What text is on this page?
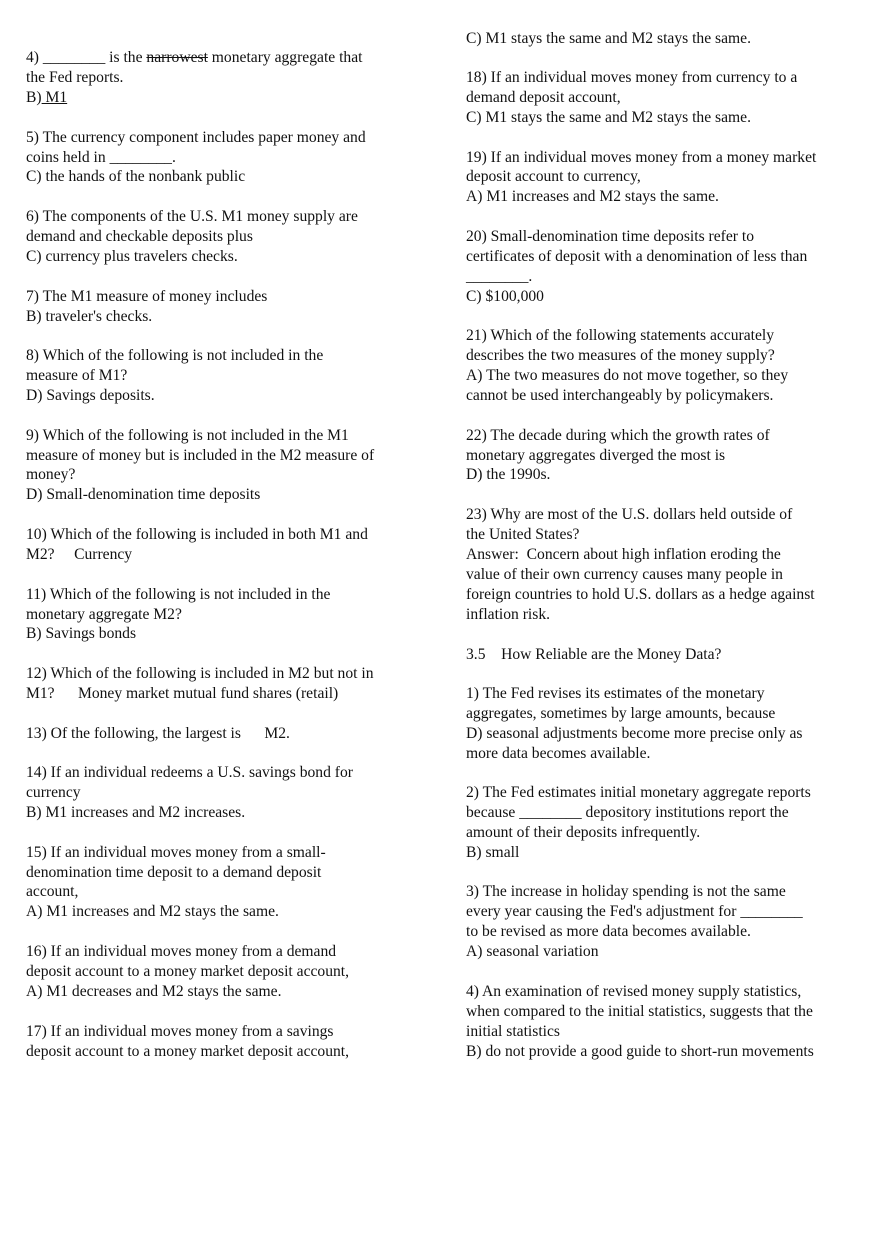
4) ________ is the narrowest monetary aggregate that
the Fed reports.
B) M1
5) The currency component includes paper money and
coins held in ________.
C) the hands of the nonbank public
6) The components of the U.S. M1 money supply are
demand and checkable deposits plus
C) currency plus travelers checks.
7) The M1 measure of money includes
B) traveler's checks.
8) Which of the following is not included in the
measure of M1?
D) Savings deposits.
9) Which of the following is not included in the M1
measure of money but is included in the M2 measure of
money?
D) Small-denomination time deposits
10) Which of the following is included in both M1 and
M2?     Currency
11) Which of the following is not included in the
monetary aggregate M2?
B) Savings bonds
12) Which of the following is included in M2 but not in
M1?      Money market mutual fund shares (retail)
13) Of the following, the largest is      M2.
14) If an individual redeems a U.S. savings bond for
currency
B) M1 increases and M2 increases.
15) If an individual moves money from a small-
denomination time deposit to a demand deposit
account,
A) M1 increases and M2 stays the same.
16) If an individual moves money from a demand
deposit account to a money market deposit account,
A) M1 decreases and M2 stays the same.
17) If an individual moves money from a savings
deposit account to a money market deposit account,
C) M1 stays the same and M2 stays the same.
18) If an individual moves money from currency to a
demand deposit account,
C) M1 stays the same and M2 stays the same.
19) If an individual moves money from a money market
deposit account to currency,
A) M1 increases and M2 stays the same.
20) Small-denomination time deposits refer to
certificates of deposit with a denomination of less than
________.
C) $100,000
21) Which of the following statements accurately
describes the two measures of the money supply?
A) The two measures do not move together, so they
cannot be used interchangeably by policymakers.
22) The decade during which the growth rates of
monetary aggregates diverged the most is
D) the 1990s.
23) Why are most of the U.S. dollars held outside of
the United States?
Answer:  Concern about high inflation eroding the
value of their own currency causes many people in
foreign countries to hold U.S. dollars as a hedge against
inflation risk.
3.5    How Reliable are the Money Data?
1) The Fed revises its estimates of the monetary
aggregates, sometimes by large amounts, because
D) seasonal adjustments become more precise only as
more data becomes available.
2) The Fed estimates initial monetary aggregate reports
because ________ depository institutions report the
amount of their deposits infrequently.
B) small
3) The increase in holiday spending is not the same
every year causing the Fed's adjustment for ________
to be revised as more data becomes available.
A) seasonal variation
4) An examination of revised money supply statistics,
when compared to the initial statistics, suggests that the
initial statistics
B) do not provide a good guide to short-run movements
